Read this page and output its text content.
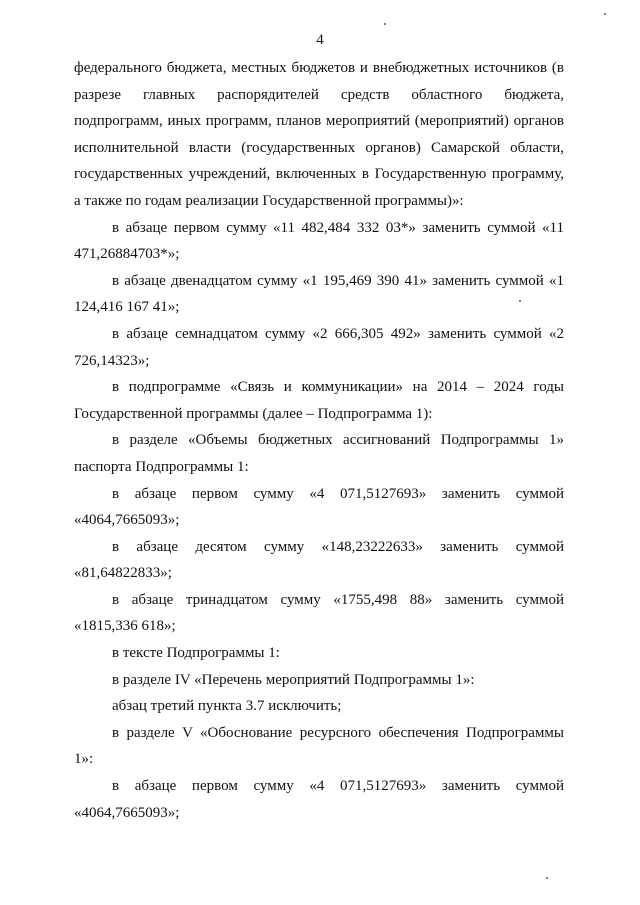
4

федерального бюджета, местных бюджетов и внебюджетных источников (в разрезе главных распорядителей средств областного бюджета, подпрограмм, иных программ, планов мероприятий (мероприятий) органов исполнительной власти (государственных органов) Самарской области, государственных учреждений, включенных в Государственную программу, а также по годам реализации Государственной программы)»:

в абзаце первом сумму «11 482,484 332 03*» заменить суммой «11 471,26884703*»;

в абзаце двенадцатом сумму «1 195,469 390 41» заменить суммой «1 124,416 167 41»;

в абзаце семнадцатом сумму «2 666,305 492» заменить суммой «2 726,14323»;

в подпрограмме «Связь и коммуникации» на 2014 – 2024 годы Государственной программы (далее – Подпрограмма 1):

в разделе «Объемы бюджетных ассигнований Подпрограммы 1» паспорта Подпрограммы 1:

в абзаце первом сумму «4 071,5127693» заменить суммой «4064,7665093»;

в абзаце десятом сумму «148,23222633» заменить суммой «81,64822833»;

в абзаце тринадцатом сумму «1755,498 88» заменить суммой «1815,336 618»;

в тексте Подпрограммы 1:

в разделе IV «Перечень мероприятий Подпрограммы 1»:

абзац третий пункта 3.7 исключить;

в разделе V «Обоснование ресурсного обеспечения Подпрограммы 1»:

в абзаце первом сумму «4 071,5127693» заменить суммой «4064,7665093»;
